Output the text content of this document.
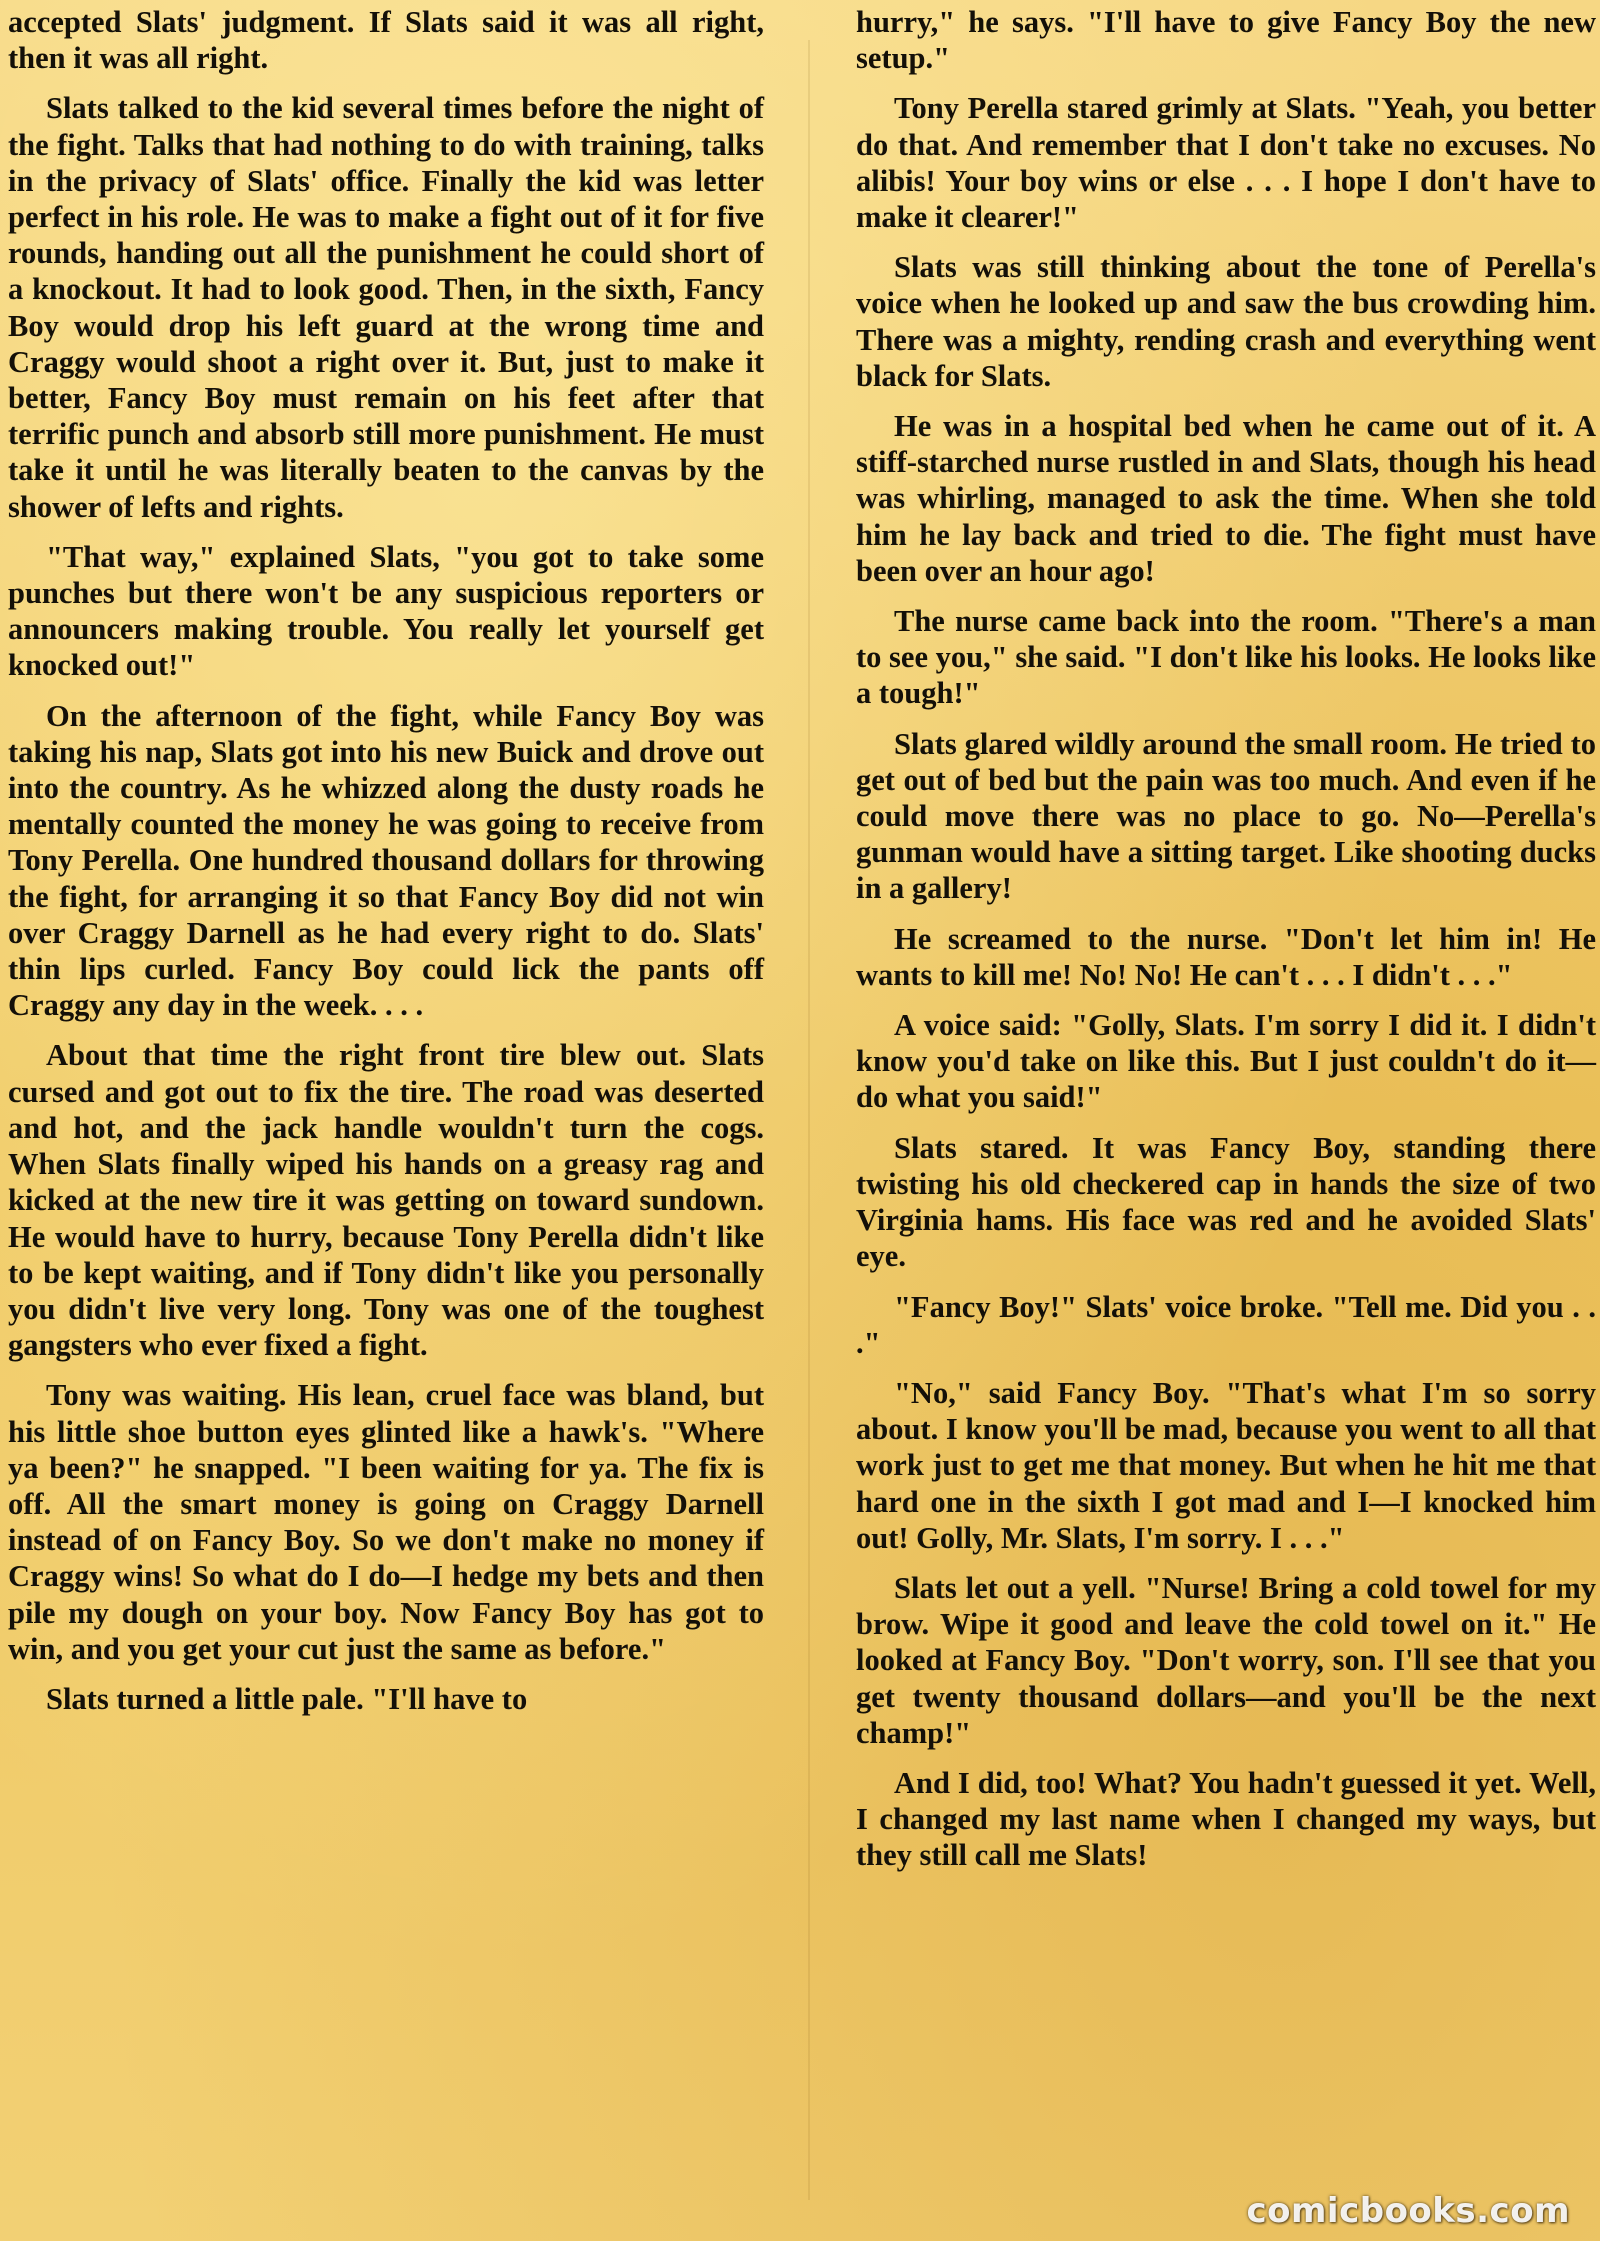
accepted Slats' judgment. If Slats said it was all right, then it was all right.

Slats talked to the kid several times before the night of the fight. Talks that had nothing to do with training, talks in the privacy of Slats' office. Finally the kid was letter perfect in his role. He was to make a fight out of it for five rounds, handing out all the punishment he could short of a knockout. It had to look good. Then, in the sixth, Fancy Boy would drop his left guard at the wrong time and Craggy would shoot a right over it. But, just to make it better, Fancy Boy must remain on his feet after that terrific punch and absorb still more punishment. He must take it until he was literally beaten to the canvas by the shower of lefts and rights.

"That way," explained Slats, "you got to take some punches but there won't be any suspicious reporters or announcers making trouble. You really let yourself get knocked out!"

On the afternoon of the fight, while Fancy Boy was taking his nap, Slats got into his new Buick and drove out into the country. As he whizzed along the dusty roads he mentally counted the money he was going to receive from Tony Perella. One hundred thousand dollars for throwing the fight, for arranging it so that Fancy Boy did not win over Craggy Darnell as he had every right to do. Slats' thin lips curled. Fancy Boy could lick the pants off Craggy any day in the week. . . .

About that time the right front tire blew out. Slats cursed and got out to fix the tire. The road was deserted and hot, and the jack handle wouldn't turn the cogs. When Slats finally wiped his hands on a greasy rag and kicked at the new tire it was getting on toward sundown. He would have to hurry, because Tony Perella didn't like to be kept waiting, and if Tony didn't like you personally you didn't live very long. Tony was one of the toughest gangsters who ever fixed a fight.

Tony was waiting. His lean, cruel face was bland, but his little shoe button eyes glinted like a hawk's. "Where ya been?" he snapped. "I been waiting for ya. The fix is off. All the smart money is going on Craggy Darnell instead of on Fancy Boy. So we don't make no money if Craggy wins! So what do I do—I hedge my bets and then pile my dough on your boy. Now Fancy Boy has got to win, and you get your cut just the same as before."

Slats turned a little pale. "I'll have to

hurry," he says. "I'll have to give Fancy Boy the new setup."

Tony Perella stared grimly at Slats. "Yeah, you better do that. And remember that I don't take no excuses. No alibis! Your boy wins or else . . . I hope I don't have to make it clearer!"

Slats was still thinking about the tone of Perella's voice when he looked up and saw the bus crowding him. There was a mighty, rending crash and everything went black for Slats.

He was in a hospital bed when he came out of it. A stiff-starched nurse rustled in and Slats, though his head was whirling, managed to ask the time. When she told him he lay back and tried to die. The fight must have been over an hour ago!

The nurse came back into the room. "There's a man to see you," she said. "I don't like his looks. He looks like a tough!"

Slats glared wildly around the small room. He tried to get out of bed but the pain was too much. And even if he could move there was no place to go. No—Perella's gunman would have a sitting target. Like shooting ducks in a gallery!

He screamed to the nurse. "Don't let him in! He wants to kill me! No! No! He can't . . . I didn't . . ."

A voice said: "Golly, Slats. I'm sorry I did it. I didn't know you'd take on like this. But I just couldn't do it—do what you said!"

Slats stared. It was Fancy Boy, standing there twisting his old checkered cap in hands the size of two Virginia hams. His face was red and he avoided Slats' eye.

"Fancy Boy!" Slats' voice broke. "Tell me. Did you . . ."

"No," said Fancy Boy. "That's what I'm so sorry about. I know you'll be mad, because you went to all that work just to get me that money. But when he hit me that hard one in the sixth I got mad and I—I knocked him out! Golly, Mr. Slats, I'm sorry. I . . ."

Slats let out a yell. "Nurse! Bring a cold towel for my brow. Wipe it good and leave the cold towel on it." He looked at Fancy Boy. "Don't worry, son. I'll see that you get twenty thousand dollars—and you'll be the next champ!"

And I did, too! What? You hadn't guessed it yet. Well, I changed my last name when I changed my ways, but they still call me Slats!

comicbooks.com
